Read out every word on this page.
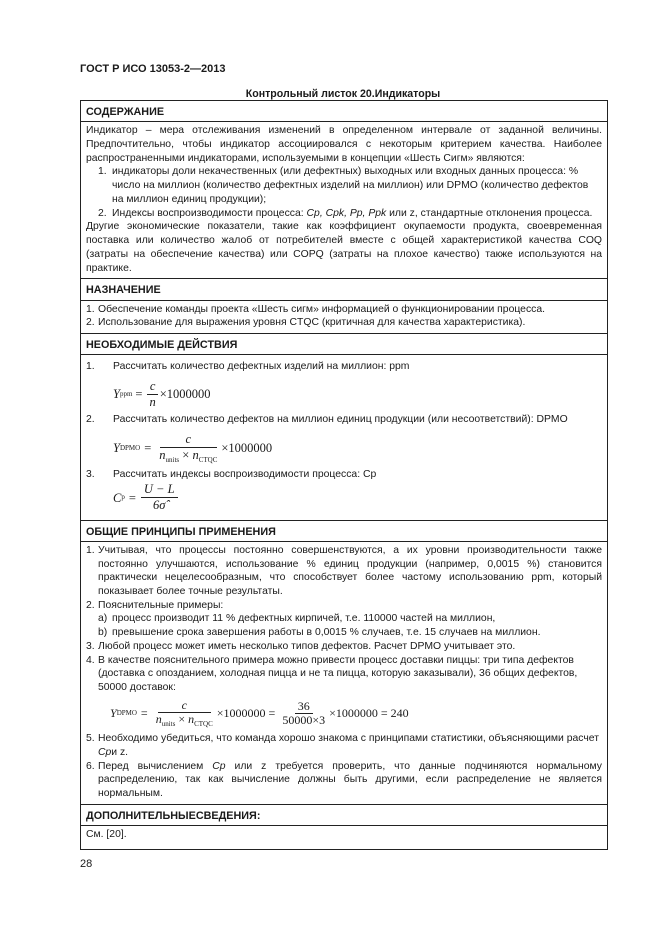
ГОСТ Р ИСО 13053-2—2013
Контрольный листок 20.Индикаторы
СОДЕРЖАНИЕ

Индикатор – мера отслеживания изменений в определенном интервале от заданной величины. Предпочтительно, чтобы индикатор ассоциировался с некоторым критерием качества. Наиболее распространенными индикаторами, используемыми в концепции «Шесть Сигм» являются:

1. индикаторы доли некачественных (или дефектных) выходных или входных данных процесса: % число на миллион (количество дефектных изделий на миллион) или DPMO (количество дефектов на миллион единиц продукции);
2. Индексы воспроизводимости процесса: Cp, Cpk, Pp, Ppk или z, стандартные отклонения процесса.

Другие экономические показатели, такие как коэффициент окупаемости продукта, своевременная поставка или количество жалоб от потребителей вместе с общей характеристикой качества COQ (затраты на обеспечение качества) или COPQ (затраты на плохое качество) также используются на практике.

НАЗНАЧЕНИЕ
1. Обеспечение команды проекта «Шесть сигм» информацией о функционировании процесса.
2. Использование для выражения уровня CTQC (критичная для качества характеристика).
НЕОБХОДИМЫЕ ДЕЙСТВИЯ
1.	Рассчитать количество дефектных изделий на миллион: ppm
Y ppm = $\frac{c}{n} \times 1000000$
2.	Рассчитать количество дефектов на миллион единиц продукции (или несоответствий): DPMO
Y DPMO = $\frac{c}{n_{units} \times n_{CTQC}} \times 1000000$
3.	Рассчитать индексы воспроизводимости процесса: Cp
C $p = \frac{U - L}{6\sigmâ}$
ОБЩИЕ ПРИНЦИПЫ ПРИМЕНЕНИЯ
1. Учитывая, что процессы постоянно совершенствуются, а их уровни производительности также постоянно улучшаются, использование % единиц продукции (например, 0,0015 %) становится практически нецелесообразным, что способствует более частому использованию ppm, который показывает более точные результаты.
2. Пояснительные примеры:
а) процесс производит 11 % дефектных кирпичей, т.е. 110000 частей на миллион,
b) превышение срока завершения работы в 0,0015 % случаев, т.е. 15 случаев на миллион.
3. Любой процесс может иметь несколько типов дефектов. Расчет DPMO учитывает это.
4. В качестве пояснительного примера можно привести процесс доставки пиццы: три типа дефектов (доставка с опозданием, холодная пицца и не та пицца, которую заказывали), 36 общих дефектов, 50000 доставок:
Y DPMO = $\frac{c}{n_{units} \times n_{CTQC}} \times 1000000 = \frac{36}{50000\times 3} \times 1000000 = 240$
5. Необходимо убедиться, что команда хорошо знакома с принципами статистики, объясняющими расчет Cpи z.
6. Перед вычислением Cp или z требуется проверить, что данные подчиняются нормальному распределению, так как вычисление должны быть другими, если распределение не является нормальным.
ДОПОЛНИТЕЛЬНЫЕСВЕДЕНИЯ:

См. [20].

28
